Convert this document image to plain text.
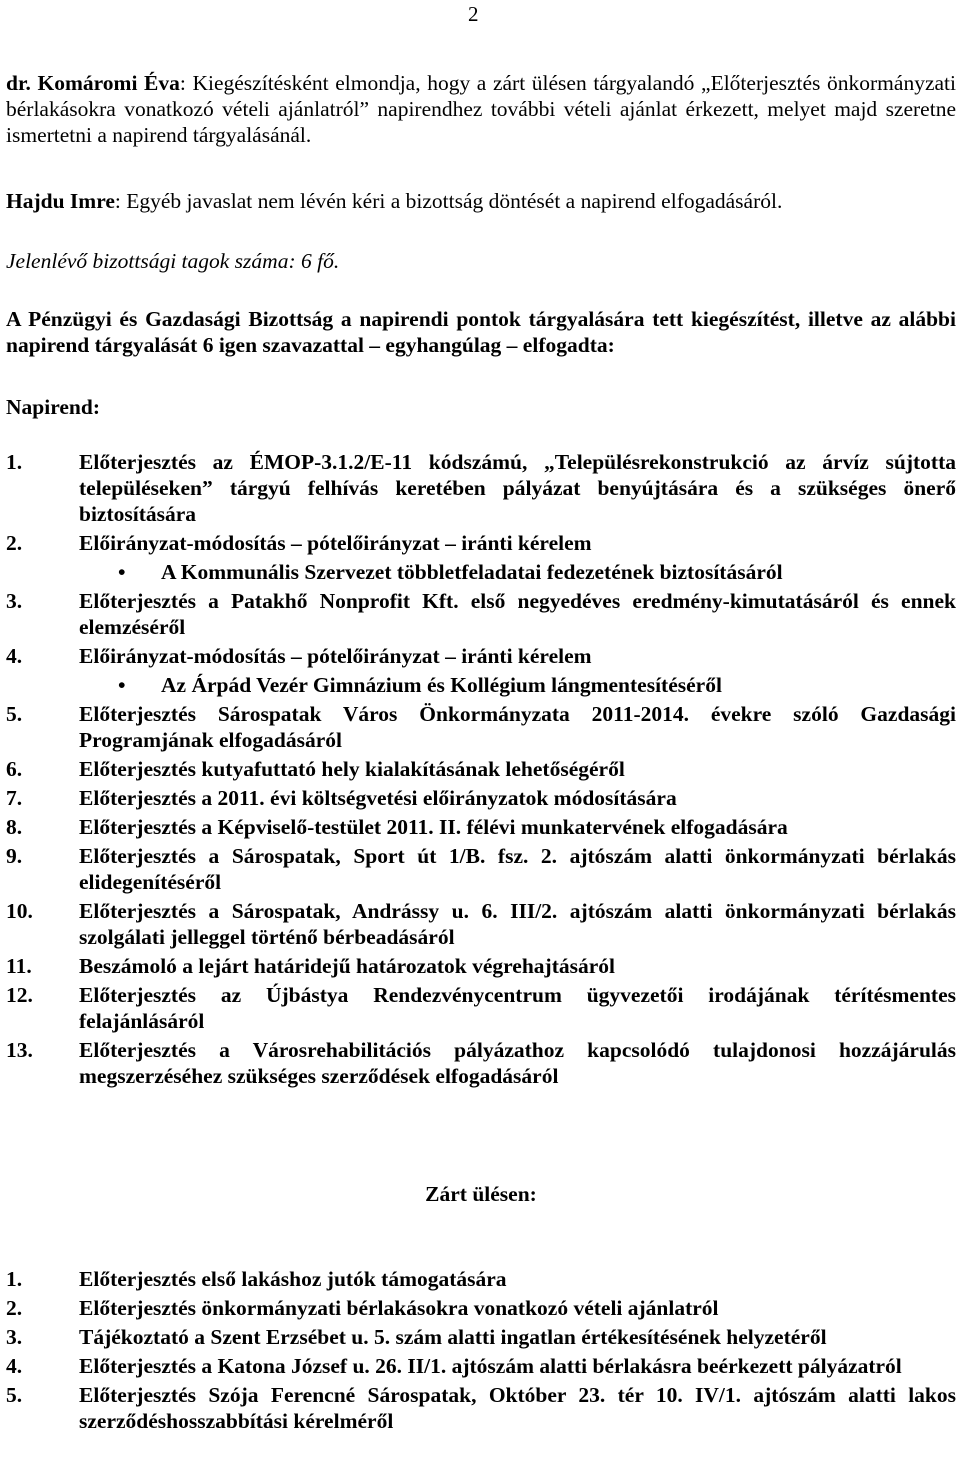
2

dr. Komáromi Éva: Kiegészítésként elmondja, hogy a zárt ülésen tárgyalandó „Előterjesztés önkormányzati bérlakásokra vonatkozó vételi ajánlatról” napirendhez további vételi ajánlat érkezett, melyet majd szeretne ismertetni a napirend tárgyalásánál.

Hajdu Imre: Egyéb javaslat nem lévén kéri a bizottság döntését a napirend elfogadásáról.

Jelenlévő bizottsági tagok száma: 6 fő.

A Pénzügyi és Gazdasági Bizottság a napirendi pontok tárgyalására tett kiegészítést, illetve az alábbi napirend tárgyalását 6 igen szavazattal – egyhangúlag – elfogadta:

Napirend:

1.	Előterjesztés az ÉMOP-3.1.2/E-11 kódszámú, „Településrekonstrukció az árvíz sújtotta településeken” tárgyú felhívás keretében pályázat benyújtására és a szükséges önerő biztosítására
2.	Előirányzat-módosítás – pótelőirányzat – iránti kérelem
•	A Kommunális Szervezet többletfeladatai fedezetének biztosításáról
3.	Előterjesztés a Patakhő Nonprofit Kft. első negyedéves eredmény-kimutatásáról és ennek elemzéséről
4.	Előirányzat-módosítás – pótelőirányzat – iránti kérelem
•	Az Árpád Vezér Gimnázium és Kollégium lángmentesítéséről
5.	Előterjesztés Sárospatak Város Önkormányzata 2011-2014. évekre szóló Gazdasági Programjának elfogadásáról
6.	Előterjesztés kutyafuttató hely kialakításának lehetőségéről
7.	Előterjesztés a 2011. évi költségvetési előirányzatok módosítására
8.	Előterjesztés a Képviselő-testület 2011. II. félévi munkatervének elfogadására
9.	Előterjesztés a Sárospatak, Sport út 1/B. fsz. 2. ajtószám alatti önkormányzati bérlakás elidegenítéséről
10.	Előterjesztés a Sárospatak, Andrássy u. 6. III/2. ajtószám alatti önkormányzati bérlakás szolgálati jelleggel történő bérbeadásáról
11.	Beszámoló a lejárt határidejű határozatok végrehajtásáról
12.	Előterjesztés az Újbástya Rendezvénycentrum ügyvezetői irodájának térítésmentes felajánlásáról
13.	Előterjesztés a Városrehabilitációs pályázathoz kapcsolódó tulajdonosi hozzájárulás megszerzéséhez szükséges szerződések elfogadásáról

Zárt ülésen:

1.	Előterjesztés első lakáshoz jutók támogatására
2.	Előterjesztés önkormányzati bérlakásokra vonatkozó vételi ajánlatról
3.	Tájékoztató a Szent Erzsébet u. 5. szám alatti ingatlan értékesítésének helyzetéről
4.	Előterjesztés a Katona József u. 26. II/1. ajtószám alatti bérlakásra beérkezett pályázatról
5.	Előterjesztés Szója Ferencné Sárospatak, Október 23. tér 10. IV/1. ajtószám alatti lakos szerződéshosszabbítási kérelméről
